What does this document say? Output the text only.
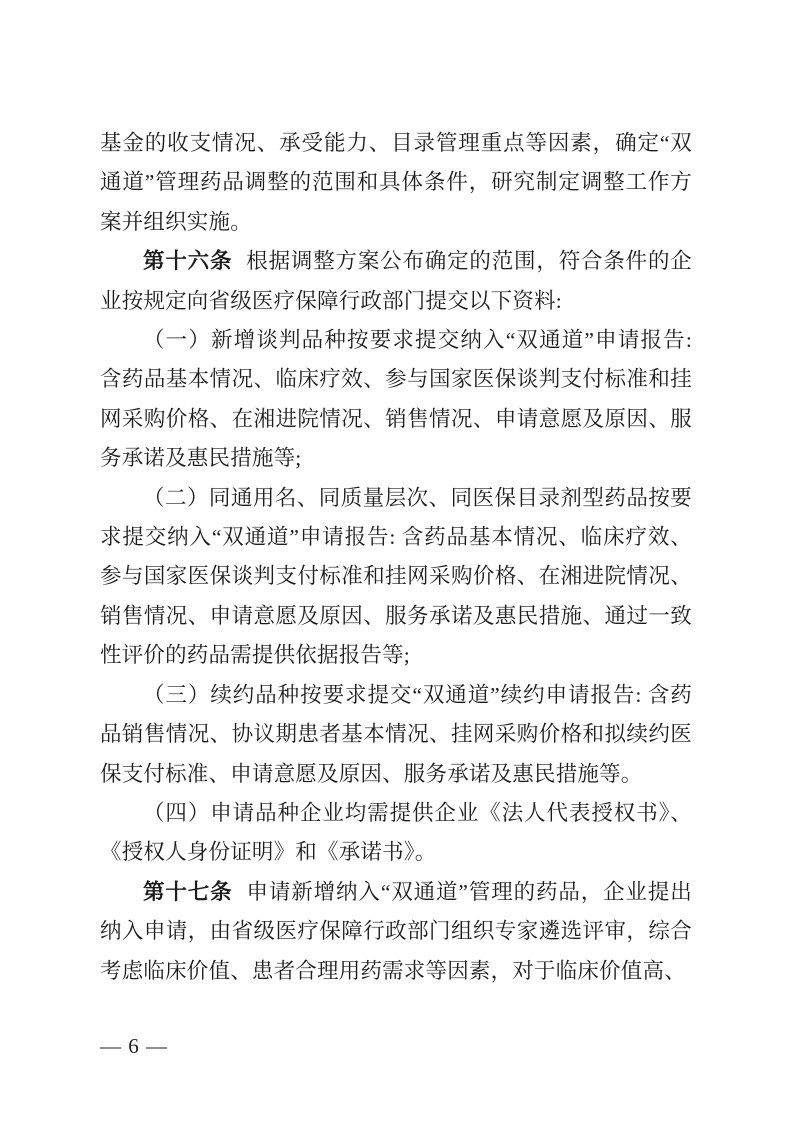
基金的收支情况、承受能力、目录管理重点等因素，确定“双通道”管理药品调整的范围和具体条件，研究制定调整工作方案并组织实施。

第十六条 根据调整方案公布确定的范围，符合条件的企业按规定向省级医疗保障行政部门提交以下资料:

（一）新增谈判品种按要求提交纳入“双通道”申请报告: 含药品基本情况、临床疗效、参与国家医保谈判支付标准和挂网采购价格、在湘进院情况、销售情况、申请意愿及原因、服务承诺及惠民措施等;

（二）同通用名、同质量层次、同医保目录剂型药品按要求提交纳入“双通道”申请报告: 含药品基本情况、临床疗效、参与国家医保谈判支付标准和挂网采购价格、在湘进院情况、销售情况、申请意愿及原因、服务承诺及惠民措施、通过一致性评价的药品需提供依据报告等;

（三）续约品种按要求提交“双通道”续约申请报告: 含药品销售情况、协议期患者基本情况、挂网采购价格和拟续约医保支付标准、申请意愿及原因、服务承诺及惠民措施等。

（四）申请品种企业均需提供企业《法人代表授权书》、《授权人身份证明》和《承诺书》。

第十七条 申请新增纳入“双通道”管理的药品，企业提出纳入申请，由省级医疗保障行政部门组织专家遴选评审，综合考虑临床价值、患者合理用药需求等因素，对于临床价值高、

— 6 —
